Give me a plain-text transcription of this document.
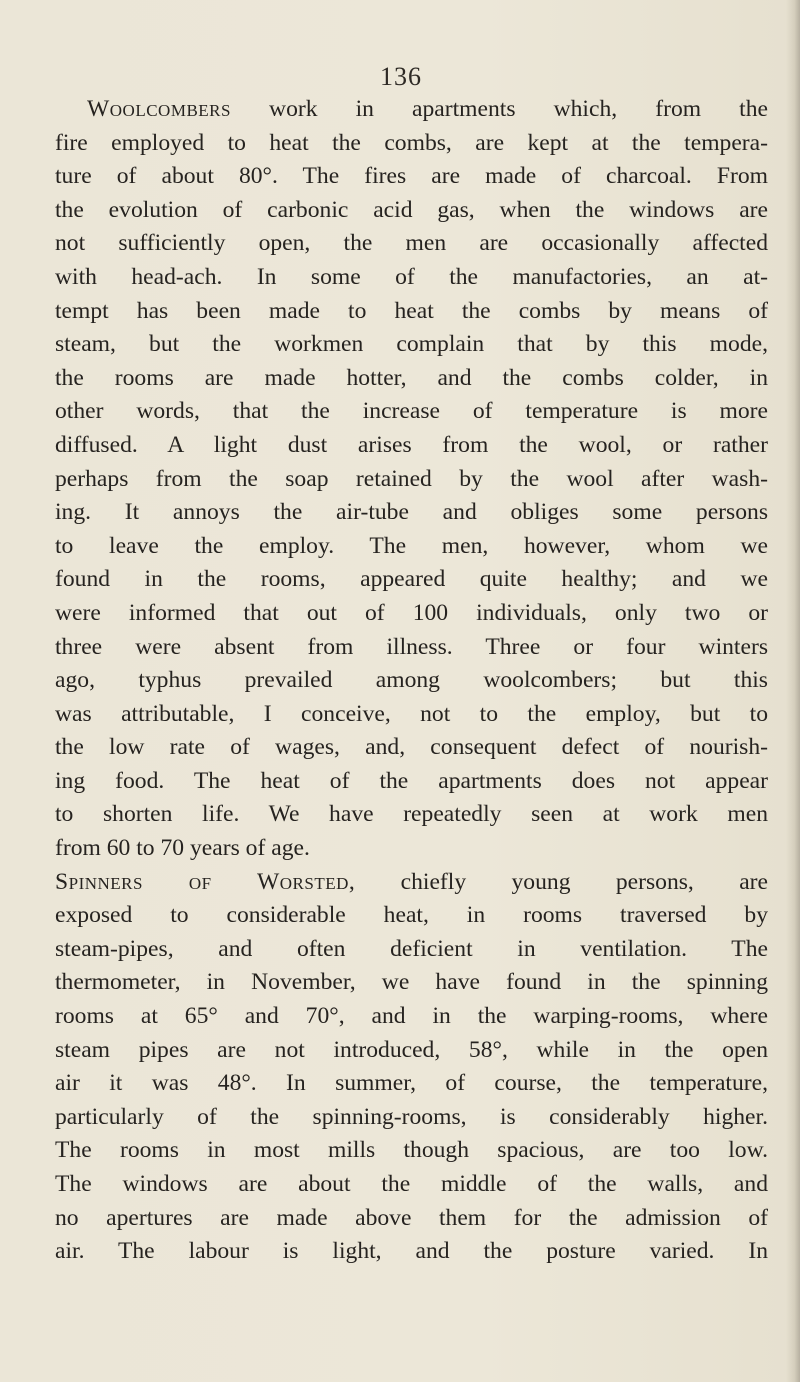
136
Woolcombers work in apartments which, from the
fire employed to heat the combs, are kept at the tempera-
ture of about 80°. The fires are made of charcoal. From
the evolution of carbonic acid gas, when the windows are
not sufficiently open, the men are occasionally affected
with head-ach. In some of the manufactories, an at-
tempt has been made to heat the combs by means of
steam, but the workmen complain that by this mode,
the rooms are made hotter, and the combs colder, in
other words, that the increase of temperature is more
diffused. A light dust arises from the wool, or rather
perhaps from the soap retained by the wool after wash-
ing. It annoys the air-tube and obliges some persons
to leave the employ. The men, however, whom we
found in the rooms, appeared quite healthy; and we
were informed that out of 100 individuals, only two or
three were absent from illness. Three or four winters
ago, typhus prevailed among woolcombers; but this
was attributable, I conceive, not to the employ, but to
the low rate of wages, and, consequent defect of nourish-
ing food. The heat of the apartments does not appear
to shorten life. We have repeatedly seen at work men
from 60 to 70 years of age.
Spinners of Worsted, chiefly young persons, are
exposed to considerable heat, in rooms traversed by
steam-pipes, and often deficient in ventilation. The
thermometer, in November, we have found in the spinning
rooms at 65° and 70°, and in the warping-rooms, where
steam pipes are not introduced, 58°, while in the open
air it was 48°. In summer, of course, the temperature,
particularly of the spinning-rooms, is considerably higher.
The rooms in most mills though spacious, are too low.
The windows are about the middle of the walls, and
no apertures are made above them for the admission of
air. The labour is light, and the posture varied. In
